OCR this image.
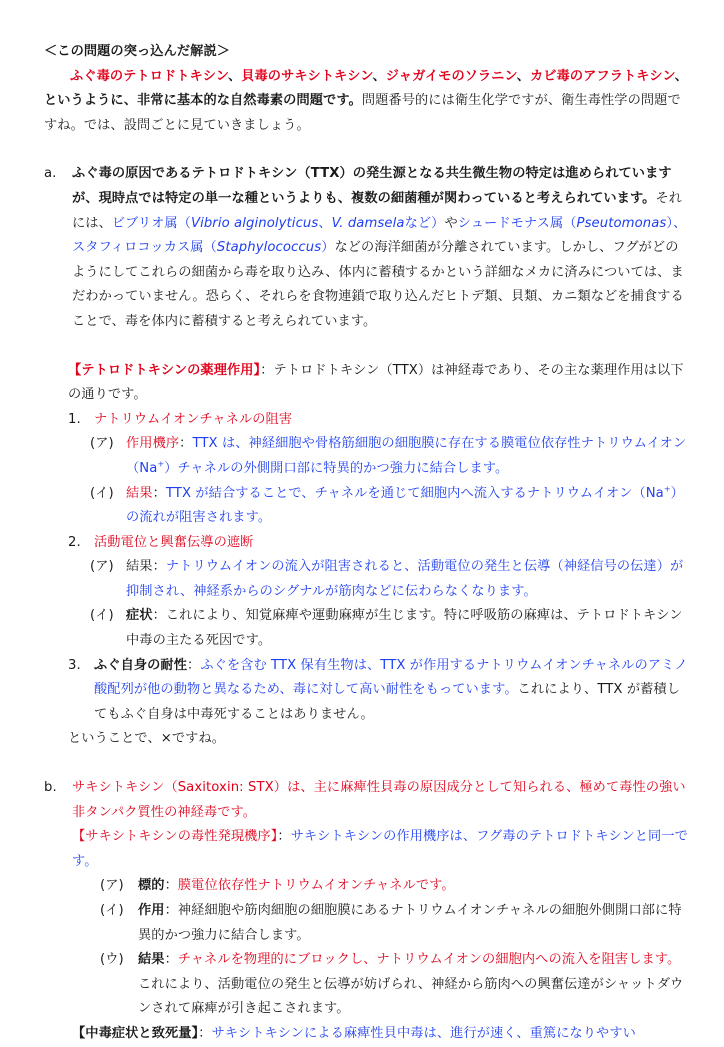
＜この問題の突っ込んだ解説＞

ふぐ毒のテトロドトキシン、貝毒のサキシトキシン、ジャガイモのソラニン、カビ毒のアフラトキシン、というように、非常に基本的な自然毒素の問題です。問題番号的には衛生化学ですが、衛生毒性学の問題ですね。では、設問ごとに見ていきましょう。

a.	ふぐ毒の原因であるテトロドトキシン（TTX）の発生源となる共生微生物の特定は進められていますが、現時点では特定の単一な種というよりも、複数の細菌種が関わっていると考えられています。それには、ビブリオ属（Vibrio alginolyticus、V. damselaなど）やシュードモナス属（Pseutomonas）、スタフィロコッカス属（Staphylococcus）などの海洋細菌が分離されています。しかし、フグがどのようにしてこれらの細菌から毒を取り込み、体内に蓄積するかという詳細なメカに済みについては、まだわかっていません。恐らく、それらを食物連鎖で取り込んだヒトデ類、貝類、カニ類などを捕食することで、毒を体内に蓄積すると考えられています。

【テトロドトキシンの薬理作用】：テトロドトキシン（TTX）は神経毒であり、その主な薬理作用は以下の通りです。

1.	ナトリウムイオンチャネルの阻害
(ア) 作用機序：TTX は、神経細胞や骨格筋細胞の細胞膜に存在する膜電位依存性ナトリウムイオン（Na+）チャネルの外側開口部に特異的かつ強力に結合します。

(イ) 結果：TTX が結合することで、チャネルを通じて細胞内へ流入するナトリウムイオン（Na+）の流れが阻害されます。

2.	活動電位と興奮伝導の遮断
(ア) 結果：ナトリウムイオンの流入が阻害されると、活動電位の発生と伝導（神経信号の伝達）が抑制され、神経系からのシグナルが筋肉などに伝わらなくなります。

(イ) 症状：これにより、知覚麻痺や運動麻痺が生じます。特に呼吸筋の麻痺は、テトロドトキシン中毒の主たる死因です。

3.	ふぐ自身の耐性：ふぐを含む TTX 保有生物は、TTX が作用するナトリウムイオンチャネルのアミノ酸配列が他の動物と異なるため、毒に対して高い耐性をもっています。これにより、TTX が蓄積してもふぐ自身は中毒死することはありません。

ということで、×ですね。

b.	サキシトキシン（Saxitoxin: STX）は、主に麻痺性貝毒の原因成分として知られる、極めて毒性の強い非タンパク質性の神経毒です。

【サキシトキシンの毒性発現機序】：サキシトキシンの作用機序は、フグ毒のテトロドトキシンと同一です。

(ア)	標的：膜電位依存性ナトリウムイオンチャネルです。

(イ)	作用：神経細胞や筋肉細胞の細胞膜にあるナトリウムイオンチャネルの細胞外側開口部に特異的かつ強力に結合します。

(ウ)	結果：チャネルを物理的にブロックし、ナトリウムイオンの細胞内への流入を阻害します。これにより、活動電位の発生と伝導が妨げられ、神経から筋肉への興奮伝達がシャットダウンされて麻痺が引き起こされます。

【中毒症状と致死量】：サキシトキシンによる麻痺性貝中毒は、進行が速く、重篤になりやすい
